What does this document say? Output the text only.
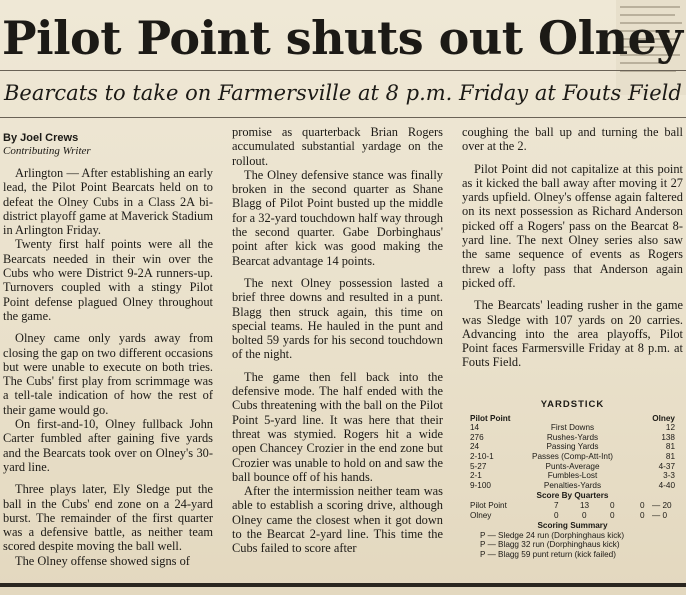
Pilot Point shuts out Olney
Bearcats to take on Farmersville at 8 p.m. Friday at Fouts Field

By Joel Crews

Contributing Writer

Arlington — After establishing an early lead, the Pilot Point Bearcats held on to defeat the Olney Cubs in a Class 2A bi-district playoff game at Maverick Stadium in Arlington Friday.

Twenty first half points were all the Bearcats needed in their win over the Cubs who were District 9-2A runners-up. Turnovers coupled with a stingy Pilot Point defense plagued Olney throughout the game.

Olney came only yards away from closing the gap on two different occasions but were unable to execute on both tries. The Cubs' first play from scrimmage was a tell-tale indication of how the rest of their game would go.

On first-and-10, Olney fullback John Carter fumbled after gaining five yards and the Bearcats took over on Olney's 30-yard line.

Three plays later, Ely Sledge put the ball in the Cubs' end zone on a 24-yard burst. The remainder of the first quarter was a defensive battle, as neither team scored despite moving the ball well.

The Olney offense showed signs of

promise as quarterback Brian Rogers accumulated substantial yardage on the rollout.

The Olney defensive stance was finally broken in the second quarter as Shane Blagg of Pilot Point busted up the middle for a 32-yard touchdown half way through the second quarter. Gabe Dorbinghaus' point after kick was good making the Bearcat advantage 14 points.

The next Olney possession lasted a brief three downs and resulted in a punt. Blagg then struck again, this time on special teams. He hauled in the punt and bolted 59 yards for his second touchdown of the night.

The game then fell back into the defensive mode. The half ended with the Cubs threatening with the ball on the Pilot Point 5-yard line. It was here that their threat was stymied. Rogers hit a wide open Chancey Crozier in the end zone but Crozier was unable to hold on and saw the ball bounce off of his hands.

After the intermission neither team was able to establish a scoring drive, although Olney came the closest when it got down to the Bearcat 2-yard line. This time the Cubs failed to score after

coughing the ball up and turning the ball over at the 2.

Pilot Point did not capitalize at this point as it kicked the ball away after moving it 27 yards upfield. Olney's offense again faltered on its next possession as Richard Anderson picked off a Rogers' pass on the Bearcat 8-yard line. The next Olney series also saw the same sequence of events as Rogers threw a lofty pass that Anderson again picked off.

The Bearcats' leading rusher in the game was Sledge with 107 yards on 20 carries. Advancing into the area playoffs, Pilot Point faces Farmersville Friday at 8 p.m. at Fouts Field.

YARDSTICK
Pilot Point	Olney
14	First Downs	12
276	Rushes-Yards	138
24	Passing Yards	81
2-10-1	Passes (Comp-Att-Int)	81
5-27	Punts-Average	4-37
2-1	Fumbles-Lost	3-3
9-100	Penalties-Yards	4-40
Score By Quarters
Pilot Point	7	13	0	0 — 20
Olney	0	0	0	0 — 0
Scoring Summary
P — Sledge 24 run (Dorphinghaus kick)
P — Blagg 32 run (Dorphinghaus kick)
P — Blagg 59 punt return (kick failed)
